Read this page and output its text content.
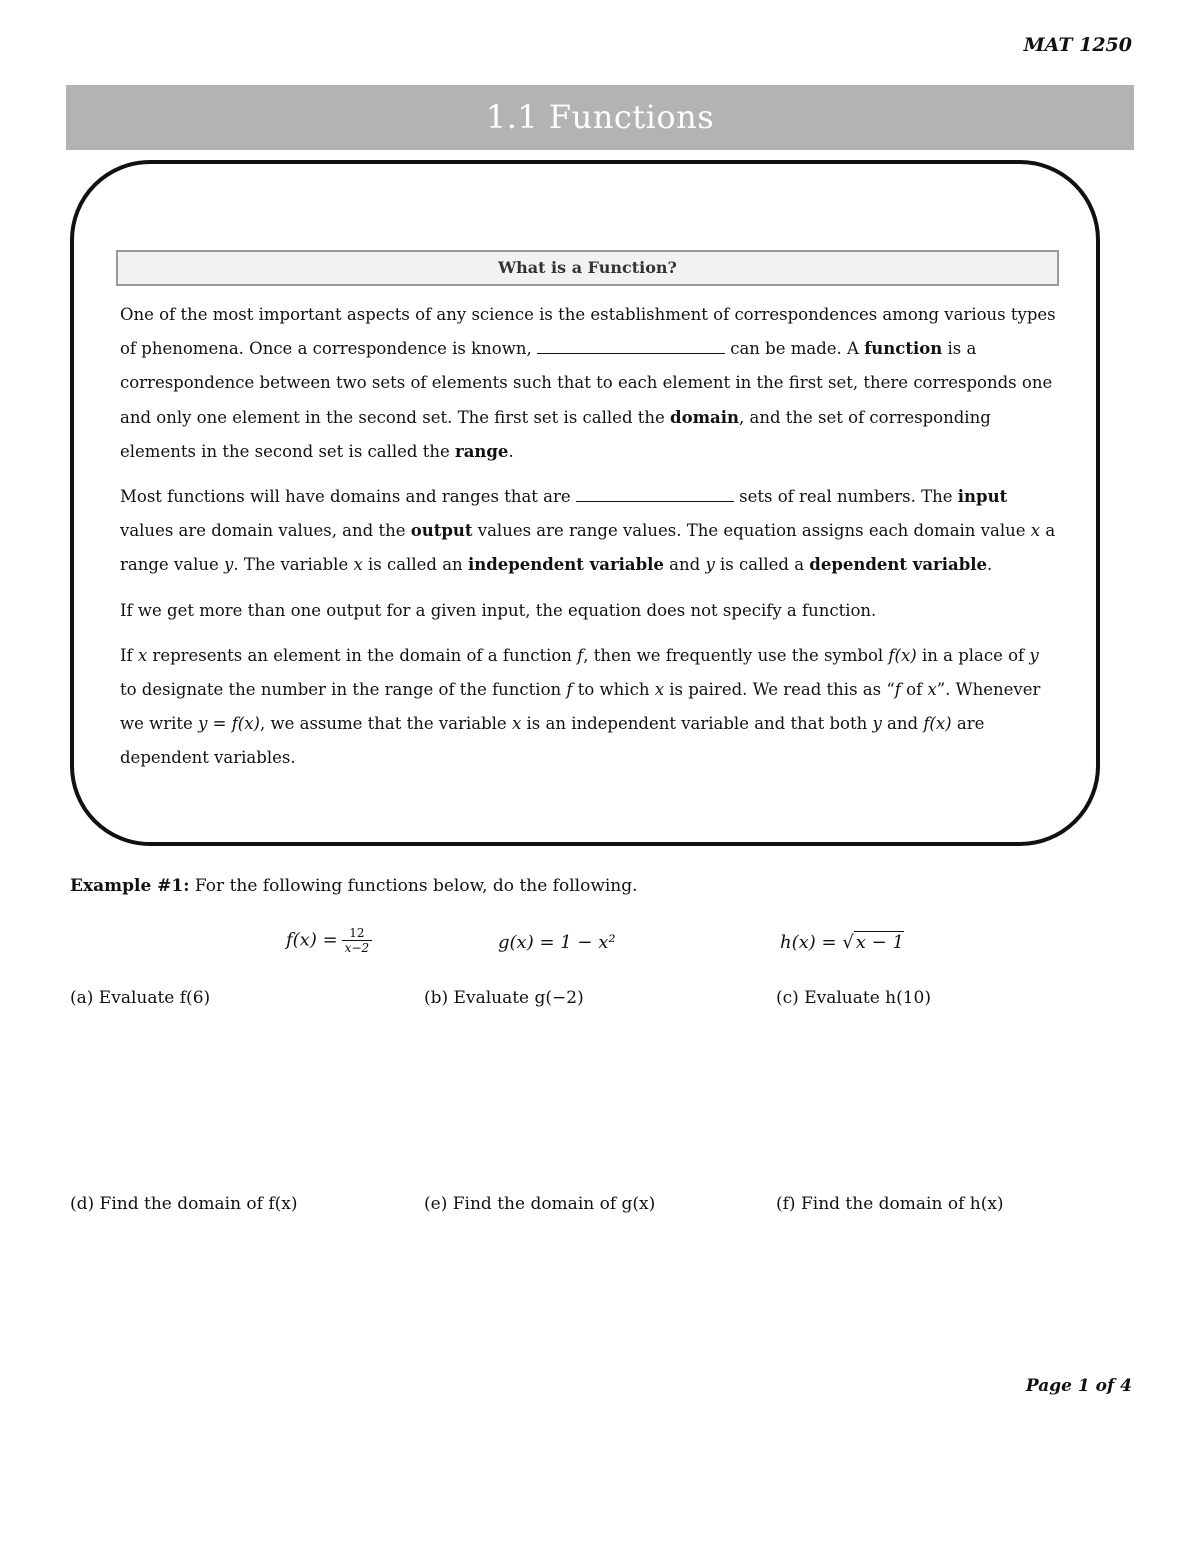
MAT 1250
1.1 Functions
What is a Function?

One of the most important aspects of any science is the establishment of correspondences among various types of phenomena. Once a correspondence is known,	can be made. A function is a correspondence between two sets of elements such that to each element in the first set, there corresponds one and only one element in the second set. The first set is called the domain, and the set of corresponding elements in the second set is called the range.

Most functions will have domains and ranges that are	sets of real numbers. The input values are domain values, and the output values are range values. The equation assigns each domain value x a range value y. The variable x is called an independent variable and y is called a dependent variable.

If we get more than one output for a given input, the equation does not specify a function.

If x represents an element in the domain of a function f, then we frequently use the symbol f(x) in a place of y to designate the number in the range of the function f to which x is paired. We read this as “f of x”. Whenever we write y = f(x), we assume that the variable x is an independent variable and that both y and f(x) are dependent variables.

Example #1: For the following functions below, do the following.
$f(x) = \frac{12}{x-2}$	g(x) = 1 − x²	h(x) = √ x − 1
(a) Evaluate f(6)	(b) Evaluate g(−2)	(c) Evaluate h(10)
(d) Find the domain of f(x)	(e) Find the domain of g(x)	(f) Find the domain of h(x)
Page 1 of 4
